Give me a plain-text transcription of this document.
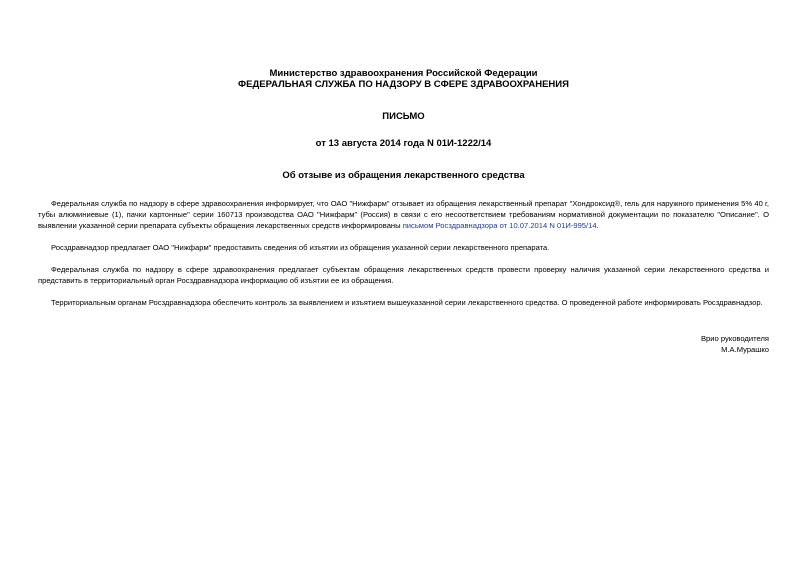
Министерство здравоохранения Российской Федерации
ФЕДЕРАЛЬНАЯ СЛУЖБА ПО НАДЗОРУ В СФЕРЕ ЗДРАВООХРАНЕНИЯ
ПИСЬМО
от 13 августа 2014 года N 01И-1222/14
Об отзыве из обращения лекарственного средства

Федеральная служба по надзору в сфере здравоохранения информирует, что ОАО "Нижфарм" отзывает из обращения лекарственный препарат "Хондроксид®, гель для наружного применения 5% 40 г, тубы алюминиевые (1), пачки картонные" серии 160713 производства ОАО "Нижфарм" (Россия) в связи с его несоответствием требованиям нормативной документации по показателю "Описание". О выявлении указанной серии препарата субъекты обращения лекарственных средств информированы письмом Росздравнадзора от 10.07.2014 N 01И-995/14.

Росздравнадзор предлагает ОАО "Нижфарм" предоставить сведения об изъятии из обращения указанной серии лекарственного препарата.

Федеральная служба по надзору в сфере здравоохранения предлагает субъектам обращения лекарственных средств провести проверку наличия указанной серии лекарственного средства и представить в территориальный орган Росздравнадзора информацию об изъятии ее из обращения.

Территориальным органам Росздравнадзора обеспечить контроль за выявлением и изъятием вышеуказанной серии лекарственного средства. О проведенной работе информировать Росздравнадзор.

Врио руководителя
М.А.Мурашко
